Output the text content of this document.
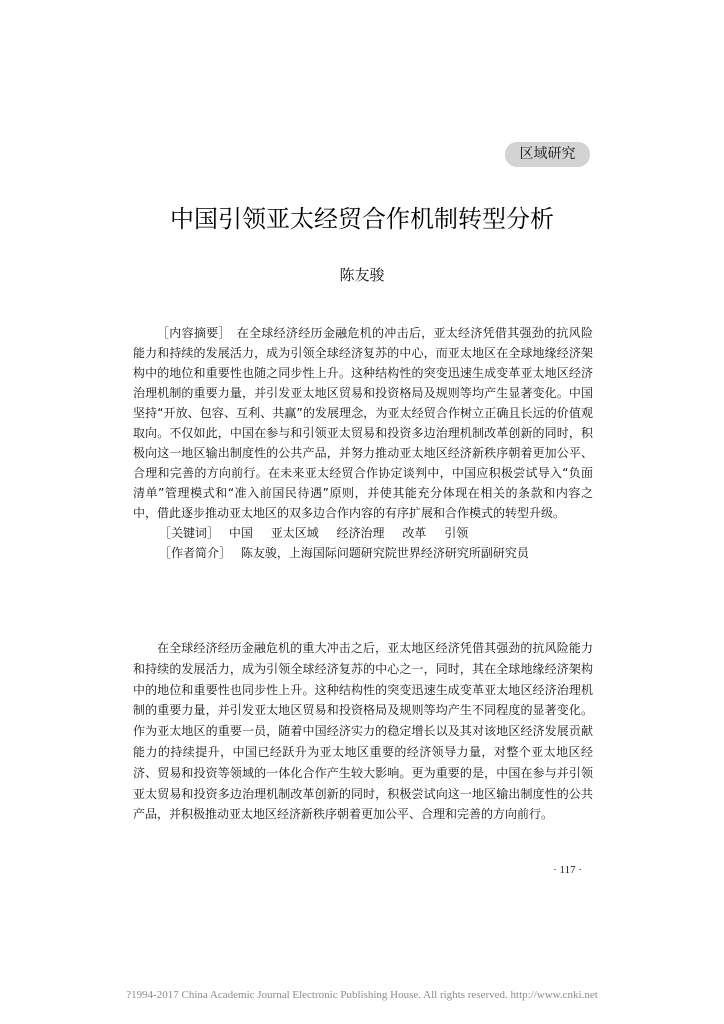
区域研究
中国引领亚太经贸合作机制转型分析
陈友骏

［内容摘要］ 在全球经济经历金融危机的冲击后，亚太经济凭借其强劲的抗风险能力和持续的发展活力，成为引领全球经济复苏的中心，而亚太地区在全球地缘经济架构中的地位和重要性也随之同步性上升。这种结构性的突变迅速生成变革亚太地区经济治理机制的重要力量，并引发亚太地区贸易和投资格局及规则等均产生显著变化。中国坚持“开放、包容、互利、共赢”的发展理念，为亚太经贸合作树立正确且长远的价值观取向。不仅如此，中国在参与和引领亚太贸易和投资多边治理机制改革创新的同时，积极向这一地区输出制度性的公共产品，并努力推动亚太地区经济新秩序朝着更加公平、合理和完善的方向前行。在未来亚太经贸合作协定谈判中，中国应积极尝试导入“负面清单”管理模式和“准入前国民待遇”原则，并使其能充分体现在相关的条款和内容之中，借此逐步推动亚太地区的双多边合作内容的有序扩展和合作模式的转型升级。

［关键词］ 中国 亚太区域 经济治理 改革 引领

［作者简介］ 陈友骏，上海国际问题研究院世界经济研究所副研究员

在全球经济经历金融危机的重大冲击之后，亚太地区经济凭借其强劲的抗风险能力和持续的发展活力，成为引领全球经济复苏的中心之一，同时，其在全球地缘经济架构中的地位和重要性也同步性上升。这种结构性的突变迅速生成变革亚太地区经济治理机制的重要力量，并引发亚太地区贸易和投资格局及规则等均产生不同程度的显著变化。作为亚太地区的重要一员，随着中国经济实力的稳定增长以及其对该地区经济发展贡献能力的持续提升，中国已经跃升为亚太地区重要的经济领导力量，对整个亚太地区经济、贸易和投资等领域的一体化合作产生较大影响。更为重要的是，中国在参与并引领亚太贸易和投资多边治理机制改革创新的同时，积极尝试向这一地区输出制度性的公共产品，并积极推动亚太地区经济新秩序朝着更加公平、合理和完善的方向前行。

· 117 ·
?1994-2017 China Academic Journal Electronic Publishing House. All rights reserved. http://www.cnki.net
